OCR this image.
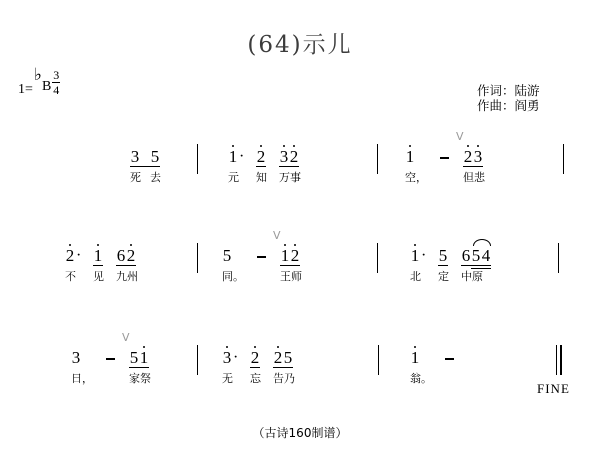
(64)示儿
1=
♭
B $\frac{3}{4}$	作词：陆游
作曲：阎勇
3 5
死 去
1 ·
元
2
知
3 2
万事
1
空，
V
2 3
但悲
2 ·
不
1
见
6 2
九州
5
同。
V
1 2
王师
1 ·
北
5
定
6 5 4
中原
3
日，
V
5 1
家祭
3 ·
无
2
忘
2 5
告乃
1
翁。
FINE
（古诗160制谱）
